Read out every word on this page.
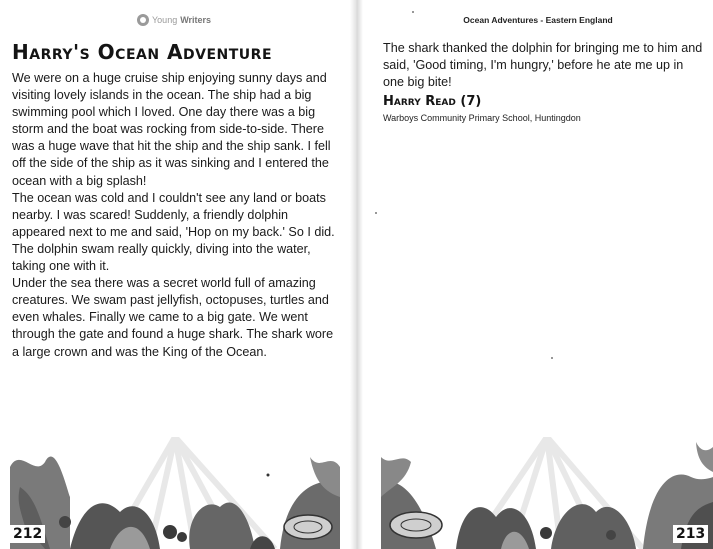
Young Writers
Harry's Ocean Adventure

We were on a huge cruise ship enjoying sunny days and visiting lovely islands in the ocean. The ship had a big swimming pool which I loved. One day there was a big storm and the boat was rocking from side-to-side. There was a huge wave that hit the ship and the ship sank. I fell off the side of the ship as it was sinking and I entered the ocean with a big splash!

The ocean was cold and I couldn't see any land or boats nearby. I was scared! Suddenly, a friendly dolphin appeared next to me and said, 'Hop on my back.' So I did.

The dolphin swam really quickly, diving into the water, taking one with it.

Under the sea there was a secret world full of amazing creatures. We swam past jellyfish, octopuses, turtles and even whales. Finally we came to a big gate. We went through the gate and found a huge shark. The shark wore a large crown and was the King of the Ocean.

212
Ocean Adventures - Eastern England

The shark thanked the dolphin for bringing me to him and said, 'Good timing, I'm hungry,' before he ate me up in one big bite!

Harry Read (7)
Warboys Community Primary School, Huntingdon
213
